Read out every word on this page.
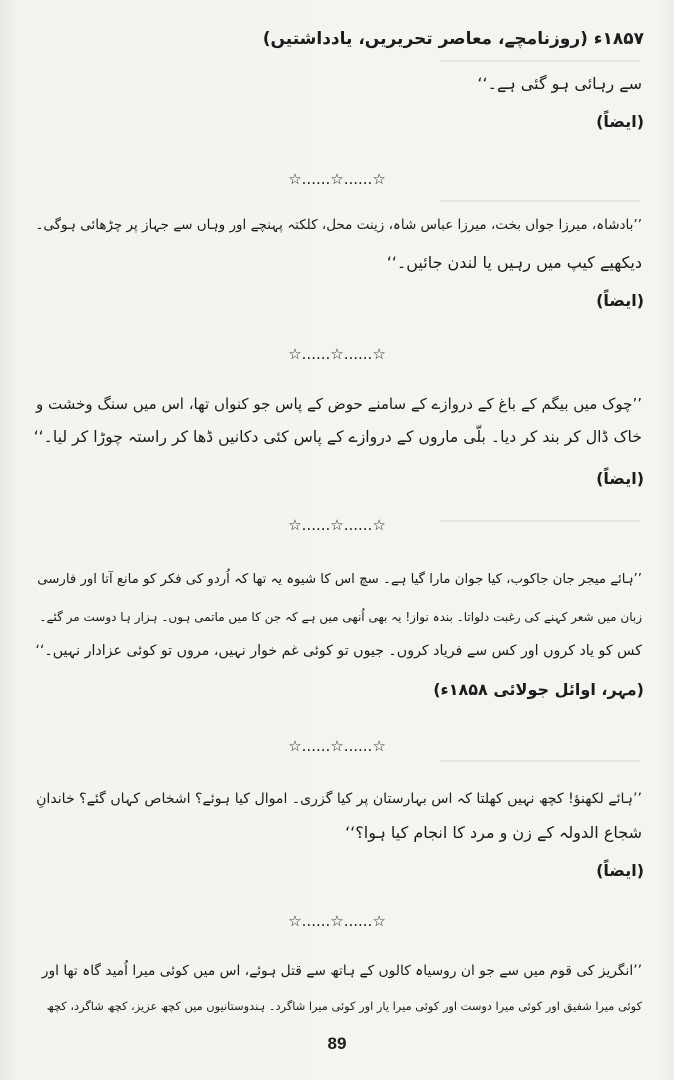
۱۸۵۷ء (روزنامچے، معاصر تحریریں، یادداشتیں)
سے رہائی ہو گئی ہے۔‘‘
(ایضاً)
☆......☆......☆
’’بادشاہ، میرزا جواں بخت، میرزا عباس شاہ، زینت محل، کلکتہ پہنچے اور وہاں سے جہاز پر چڑھائی ہوگی۔
دیکھیے کیپ میں رہیں یا لندن جائیں۔‘‘
(ایضاً)
☆......☆......☆
’’چوک میں بیگم کے باغ کے دروازے کے سامنے حوض کے پاس جو کنواں تھا، اس میں سنگ وخشت و
خاک ڈال کر بند کر دیا۔ بلّی ماروں کے دروازے کے پاس کئی دکانیں ڈھا کر راستہ چوڑا کر لیا۔‘‘
(ایضاً)
☆......☆......☆
’’ہائے میجر جان جاکوب، کیا جوان مارا گیا ہے۔ سچ اس کا شیوہ یہ تھا کہ اُردو کی فکر کو مانع آتا اور فارسی
زبان میں شعر کہنے کی رغبت دلواتا۔ بندہ نواز! یہ بھی اُنھی میں ہے کہ جن کا میں ماتمی ہوں۔ ہزار ہا دوست مر گئے۔
کس کو یاد کروں اور کس سے فریاد کروں۔ جیوں تو کوئی غم خوار نہیں، مروں تو کوئی عزادار نہیں۔‘‘
(مہر، اوائل جولائی ۱۸۵۸ء)
☆......☆......☆
’’ہائے لکھنؤ! کچھ نہیں کھلتا کہ اس بہارستان پر کیا گزری۔ اموال کیا ہوئے؟ اشخاص کہاں گئے؟ خاندانِ
شجاع الدولہ کے زن و مرد کا انجام کیا ہوا؟‘‘
(ایضاً)
☆......☆......☆
’’انگریز کی قوم میں سے جو ان روسیاہ کالوں کے ہاتھ سے قتل ہوئے، اس میں کوئی میرا اُمید گاہ تھا اور
کوئی میرا شفیق اور کوئی میرا دوست اور کوئی میرا یار اور کوئی میرا شاگرد۔ ہندوستانیوں میں کچھ عزیز، کچھ شاگرد، کچھ
89
